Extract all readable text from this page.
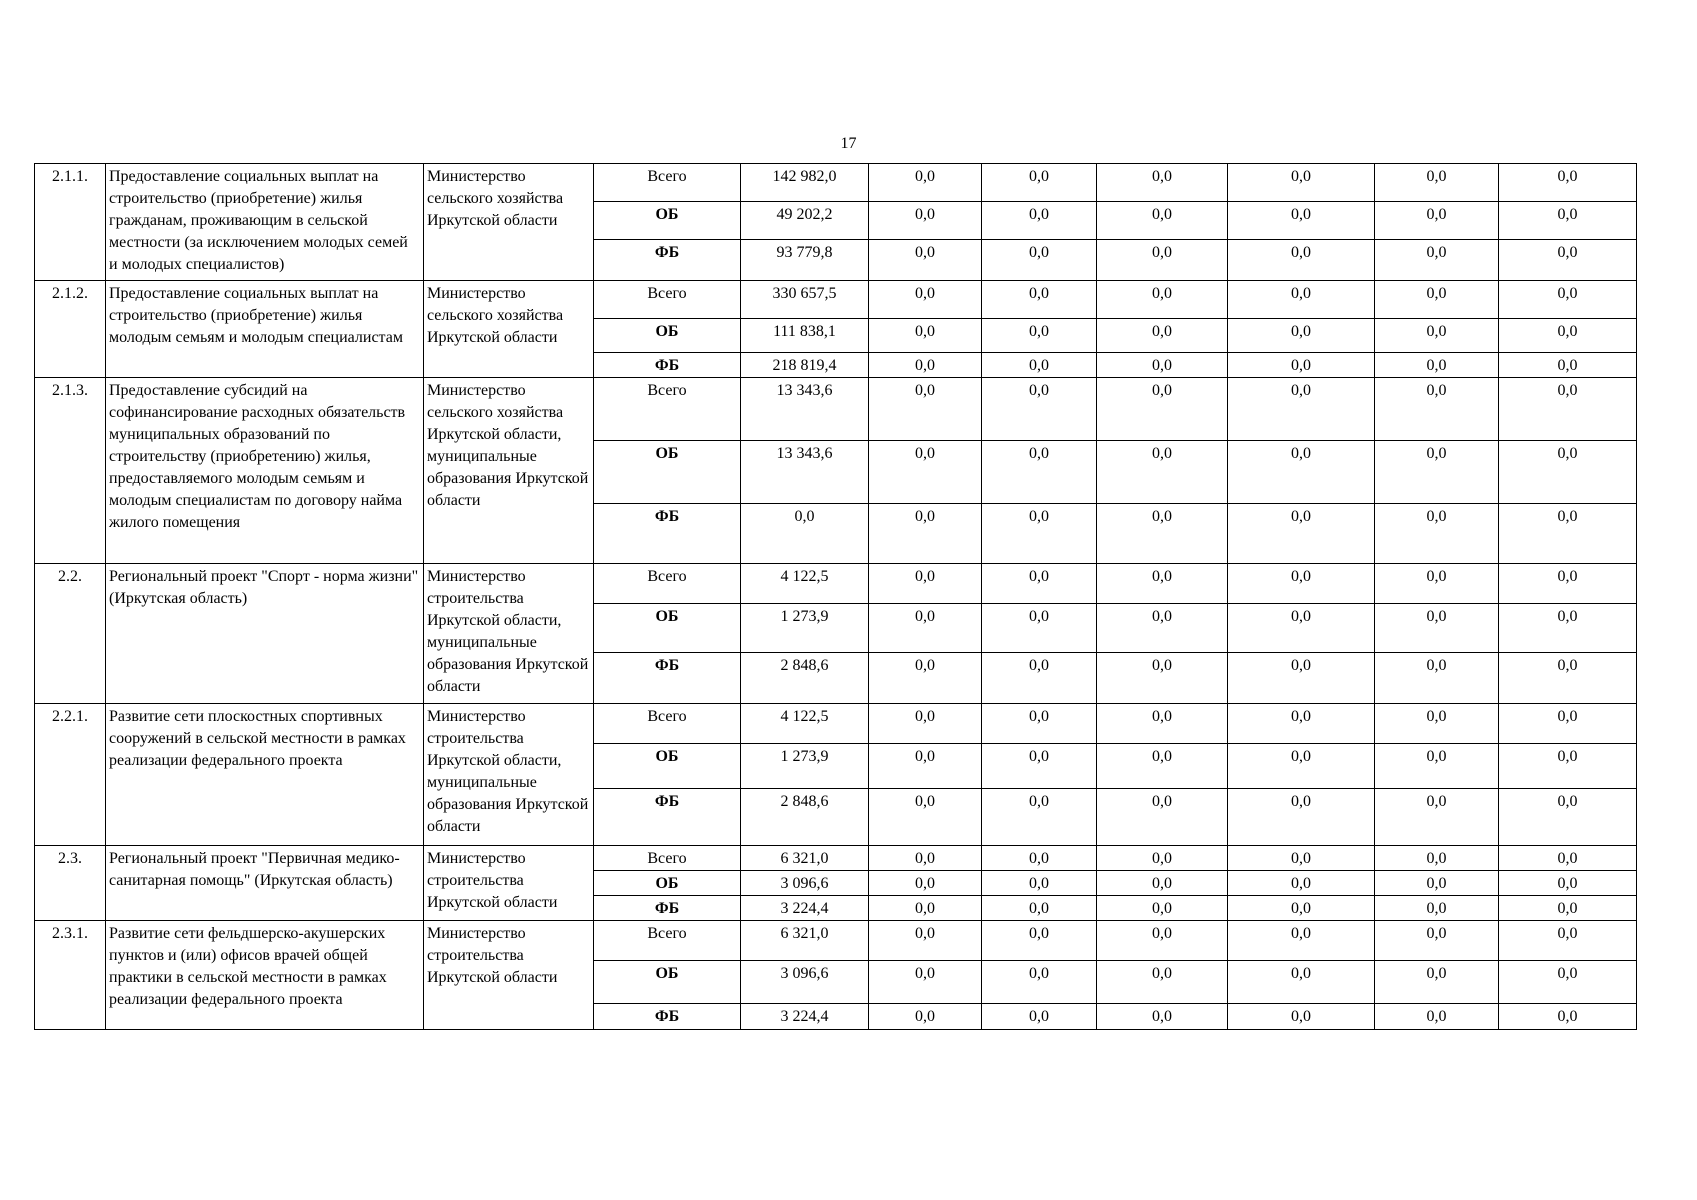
17
2.1.1.	Предоставление социальных выплат на строительство (приобретение) жилья гражданам, проживающим в сельской местности (за исключением молодых семей и молодых специалистов)	Министерство сельского хозяйства Иркутской области	Всего	142 982,0	0,0	0,0	0,0	0,0	0,0	0,0
			ОБ	49 202,2	0,0	0,0	0,0	0,0	0,0	0,0
			ФБ	93 779,8	0,0	0,0	0,0	0,0	0,0	0,0
2.1.2.	Предоставление социальных выплат на строительство (приобретение) жилья молодым семьям и молодым специалистам	Министерство сельского хозяйства Иркутской области	Всего	330 657,5	0,0	0,0	0,0	0,0	0,0	0,0
			ОБ	111 838,1	0,0	0,0	0,0	0,0	0,0	0,0
			ФБ	218 819,4	0,0	0,0	0,0	0,0	0,0	0,0
2.1.3.	Предоставление субсидий на софинансирование расходных обязательств муниципальных образований по строительству (приобретению) жилья, предоставляемого молодым семьям и молодым специалистам по договору найма жилого помещения	Министерство сельского хозяйства Иркутской области, муниципальные образования Иркутской области	Всего	13 343,6	0,0	0,0	0,0	0,0	0,0	0,0
			ОБ	13 343,6	0,0	0,0	0,0	0,0	0,0	0,0
			ФБ	0,0	0,0	0,0	0,0	0,0	0,0	0,0
2.2.	Региональный проект "Спорт - норма жизни" (Иркутская область)	Министерство строительства Иркутской области, муниципальные образования Иркутской области	Всего	4 122,5	0,0	0,0	0,0	0,0	0,0	0,0
			ОБ	1 273,9	0,0	0,0	0,0	0,0	0,0	0,0
			ФБ	2 848,6	0,0	0,0	0,0	0,0	0,0	0,0
2.2.1.	Развитие сети плоскостных спортивных сооружений в сельской местности в рамках реализации федерального проекта	Министерство строительства Иркутской области, муниципальные образования Иркутской области	Всего	4 122,5	0,0	0,0	0,0	0,0	0,0	0,0
			ОБ	1 273,9	0,0	0,0	0,0	0,0	0,0	0,0
			ФБ	2 848,6	0,0	0,0	0,0	0,0	0,0	0,0
2.3.	Региональный проект "Первичная медико-санитарная помощь" (Иркутская область)	Министерство строительства Иркутской области	Всего	6 321,0	0,0	0,0	0,0	0,0	0,0	0,0
			ОБ	3 096,6	0,0	0,0	0,0	0,0	0,0	0,0
			ФБ	3 224,4	0,0	0,0	0,0	0,0	0,0	0,0
2.3.1.	Развитие сети фельдшерско-акушерских пунктов и (или) офисов врачей общей практики в сельской местности в рамках реализации федерального проекта	Министерство строительства Иркутской области	Всего	6 321,0	0,0	0,0	0,0	0,0	0,0	0,0
			ОБ	3 096,6	0,0	0,0	0,0	0,0	0,0	0,0
			ФБ	3 224,4	0,0	0,0	0,0	0,0	0,0	0,0
